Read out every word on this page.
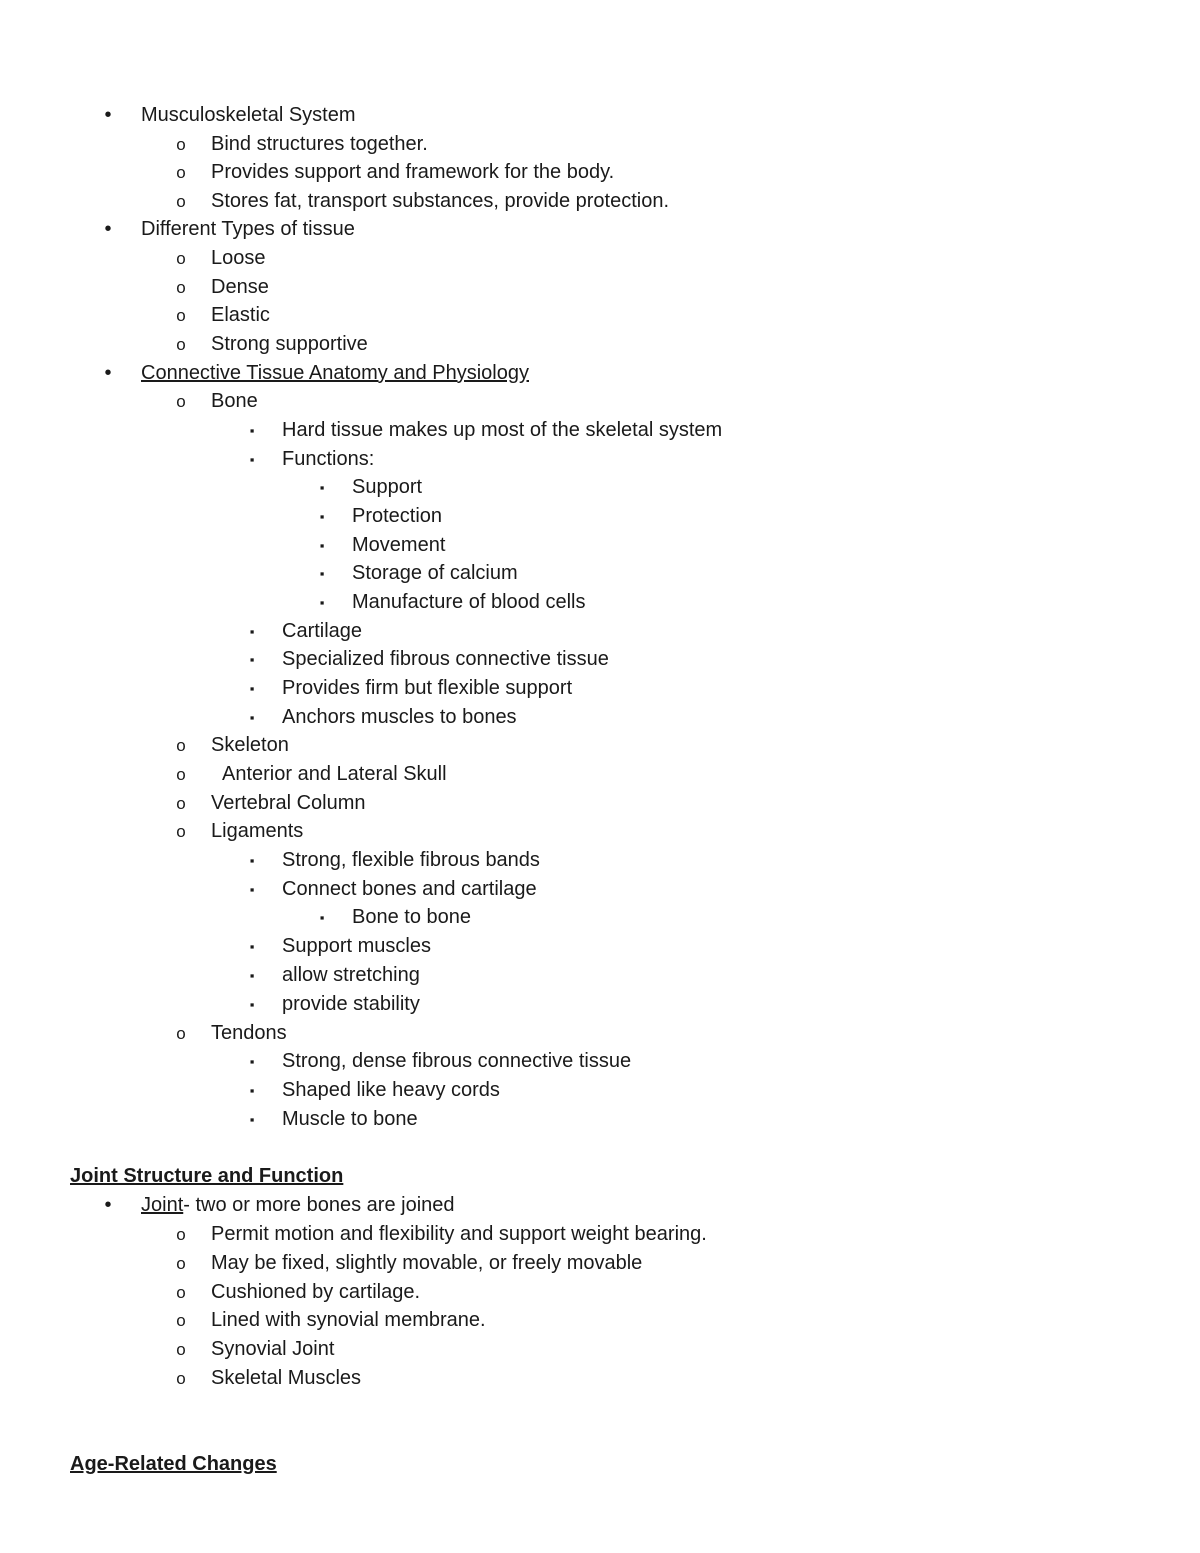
•	Musculoskeletal System
o Bind structures together.
o Provides support and framework for the body.
o Stores fat, transport substances, provide protection.
•	Different Types of tissue
o Loose
o Dense
o Elastic
o Strong supportive
•	Connective Tissue Anatomy and Physiology
o Bone
▪	Hard tissue makes up most of the skeletal system
▪	Functions:
▪	Support
▪	Protection
▪	Movement
▪	Storage of calcium
▪	Manufacture of blood cells
▪	Cartilage
▪	Specialized fibrous connective tissue
▪	Provides firm but flexible support
▪	Anchors muscles to bones
o Skeleton
o Anterior and Lateral Skull
o Vertebral Column
o Ligaments
▪	Strong, flexible fibrous bands
▪	Connect bones and cartilage
▪	Bone to bone
▪	Support muscles
▪	allow stretching
▪	provide stability
o Tendons
▪	Strong, dense fibrous connective tissue
▪	Shaped like heavy cords
▪	Muscle to bone
Joint Structure and Function
•	Joint- two or more bones are joined
o Permit motion and flexibility and support weight bearing.
o May be fixed, slightly movable, or freely movable
o Cushioned by cartilage.
o Lined with synovial membrane.
o Synovial Joint
o Skeletal Muscles
Age-Related Changes
